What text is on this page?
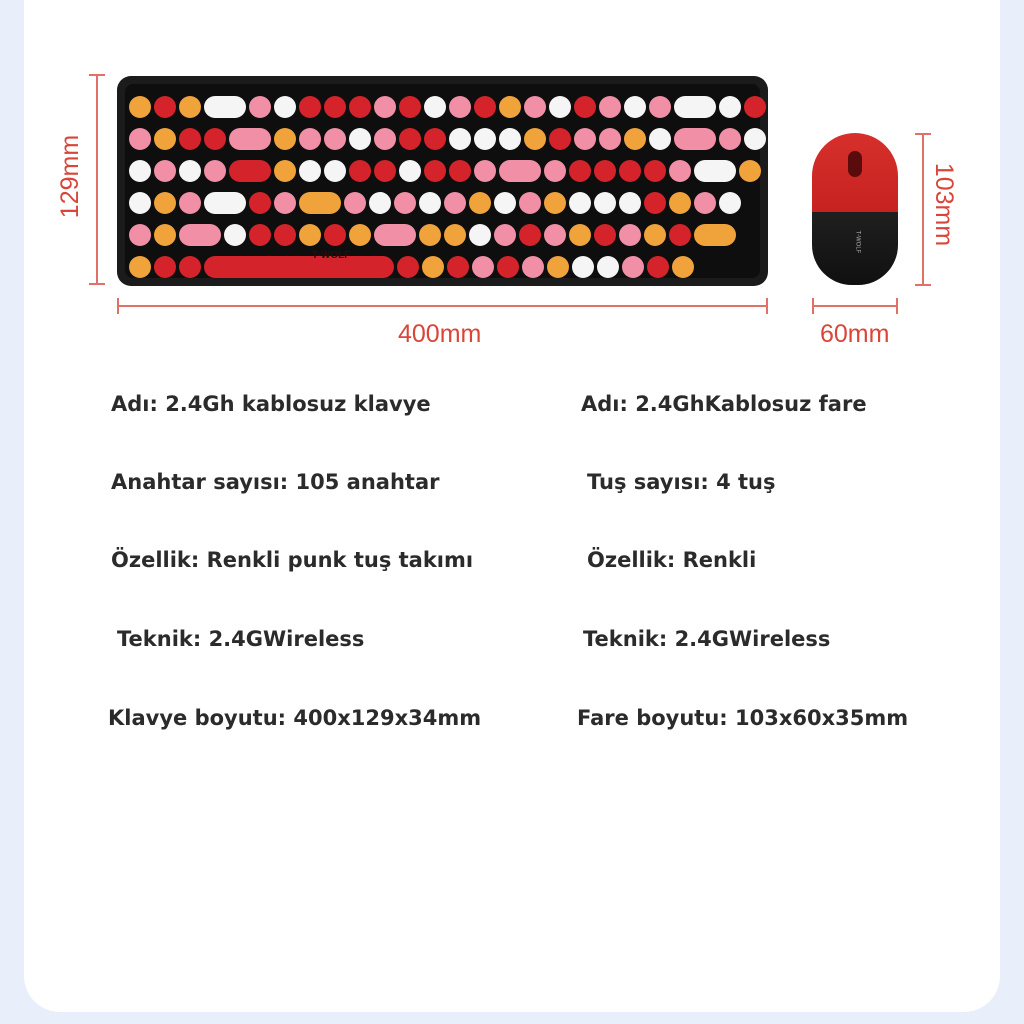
129mm
400mm
T-WOLF
T-WOLF	103mm
60mm
Adı: 2.4Gh kablosuz klavye
Anahtar sayısı: 105 anahtar
Özellik: Renkli punk tuş takımı
Teknik: 2.4GWireless
Klavye boyutu: 400x129x34mm
Adı: 2.4GhKablosuz fare
Tuş sayısı: 4 tuş
Özellik: Renkli
Teknik: 2.4GWireless
Fare boyutu: 103x60x35mm
